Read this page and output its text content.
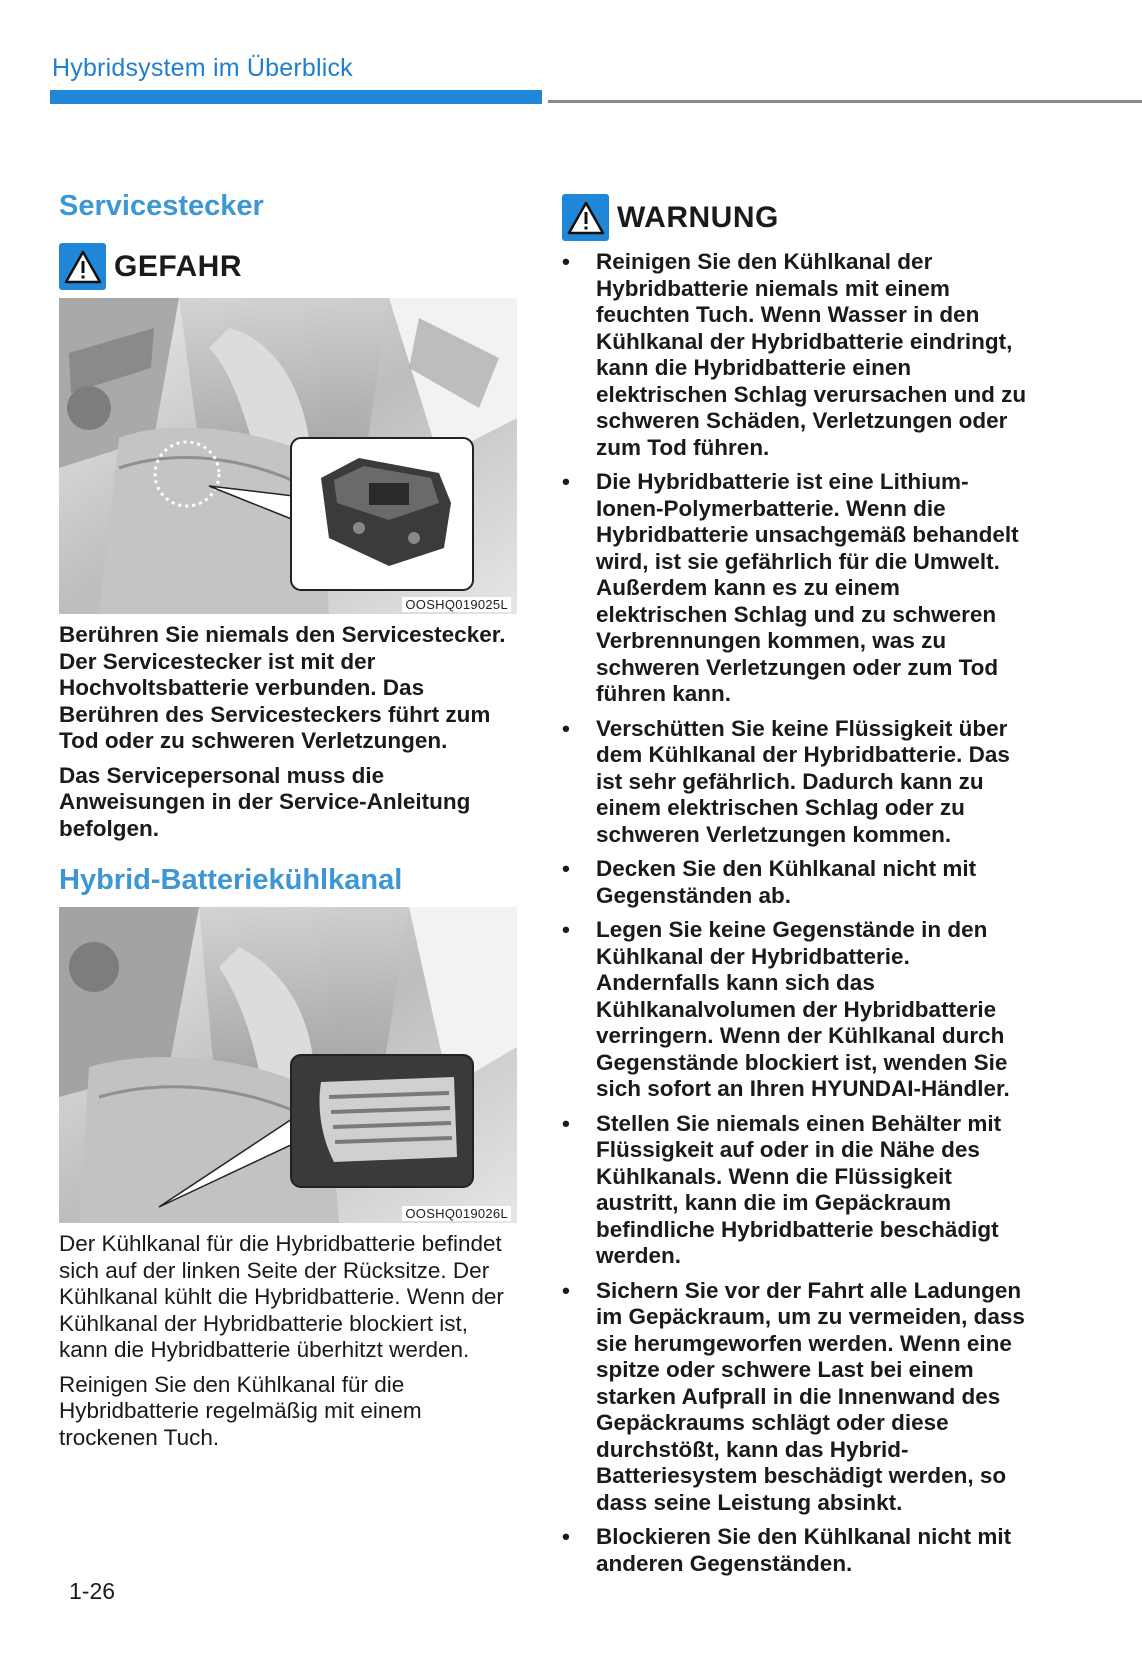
Hybridsystem im Überblick
Servicestecker
GEFAHR
OOSHQ019025L

Berühren Sie niemals den Servicestecker. Der Servicestecker ist mit der Hochvoltsbatterie verbunden. Das Berühren des Servicesteckers führt zum Tod oder zu schweren Verletzungen.

Das Servicepersonal muss die Anweisungen in der Service-Anleitung befolgen.

Hybrid-Batteriekühlkanal
OOSHQ019026L

Der Kühlkanal für die Hybridbatterie befindet sich auf der linken Seite der Rücksitze. Der Kühlkanal kühlt die Hybridbatterie. Wenn der Kühlkanal der Hybridbatterie blockiert ist, kann die Hybridbatterie überhitzt werden.

Reinigen Sie den Kühlkanal für die Hybridbatterie regelmäßig mit einem trockenen Tuch.

WARNUNG
• Reinigen Sie den Kühlkanal der Hybridbatterie niemals mit einem feuchten Tuch. Wenn Wasser in den Kühlkanal der Hybridbatterie eindringt, kann die Hybridbatterie einen elektrischen Schlag verursachen und zu schweren Schäden, Verletzungen oder zum Tod führen.
• Die Hybridbatterie ist eine Lithium-Ionen-Polymerbatterie. Wenn die Hybridbatterie unsachgemäß behandelt wird, ist sie gefährlich für die Umwelt. Außerdem kann es zu einem elektrischen Schlag und zu schweren Verbrennungen kommen, was zu schweren Verletzungen oder zum Tod führen kann.
• Verschütten Sie keine Flüssigkeit über dem Kühlkanal der Hybridbatterie. Das ist sehr gefährlich. Dadurch kann zu einem elektrischen Schlag oder zu schweren Verletzungen kommen.
• Decken Sie den Kühlkanal nicht mit Gegenständen ab.
• Legen Sie keine Gegenstände in den Kühlkanal der Hybridbatterie. Andernfalls kann sich das Kühlkanalvolumen der Hybridbatterie verringern. Wenn der Kühlkanal durch Gegenstände blockiert ist, wenden Sie sich sofort an Ihren HYUNDAI-Händler.
• Stellen Sie niemals einen Behälter mit Flüssigkeit auf oder in die Nähe des Kühlkanals. Wenn die Flüssigkeit austritt, kann die im Gepäckraum befindliche Hybridbatterie beschädigt werden.
• Sichern Sie vor der Fahrt alle Ladungen im Gepäckraum, um zu vermeiden, dass sie herumgeworfen werden. Wenn eine spitze oder schwere Last bei einem starken Aufprall in die Innenwand des Gepäckraums schlägt oder diese durchstößt, kann das Hybrid-Batteriesystem beschädigt werden, so dass seine Leistung absinkt.
• Blockieren Sie den Kühlkanal nicht mit anderen Gegenständen.
1-26
